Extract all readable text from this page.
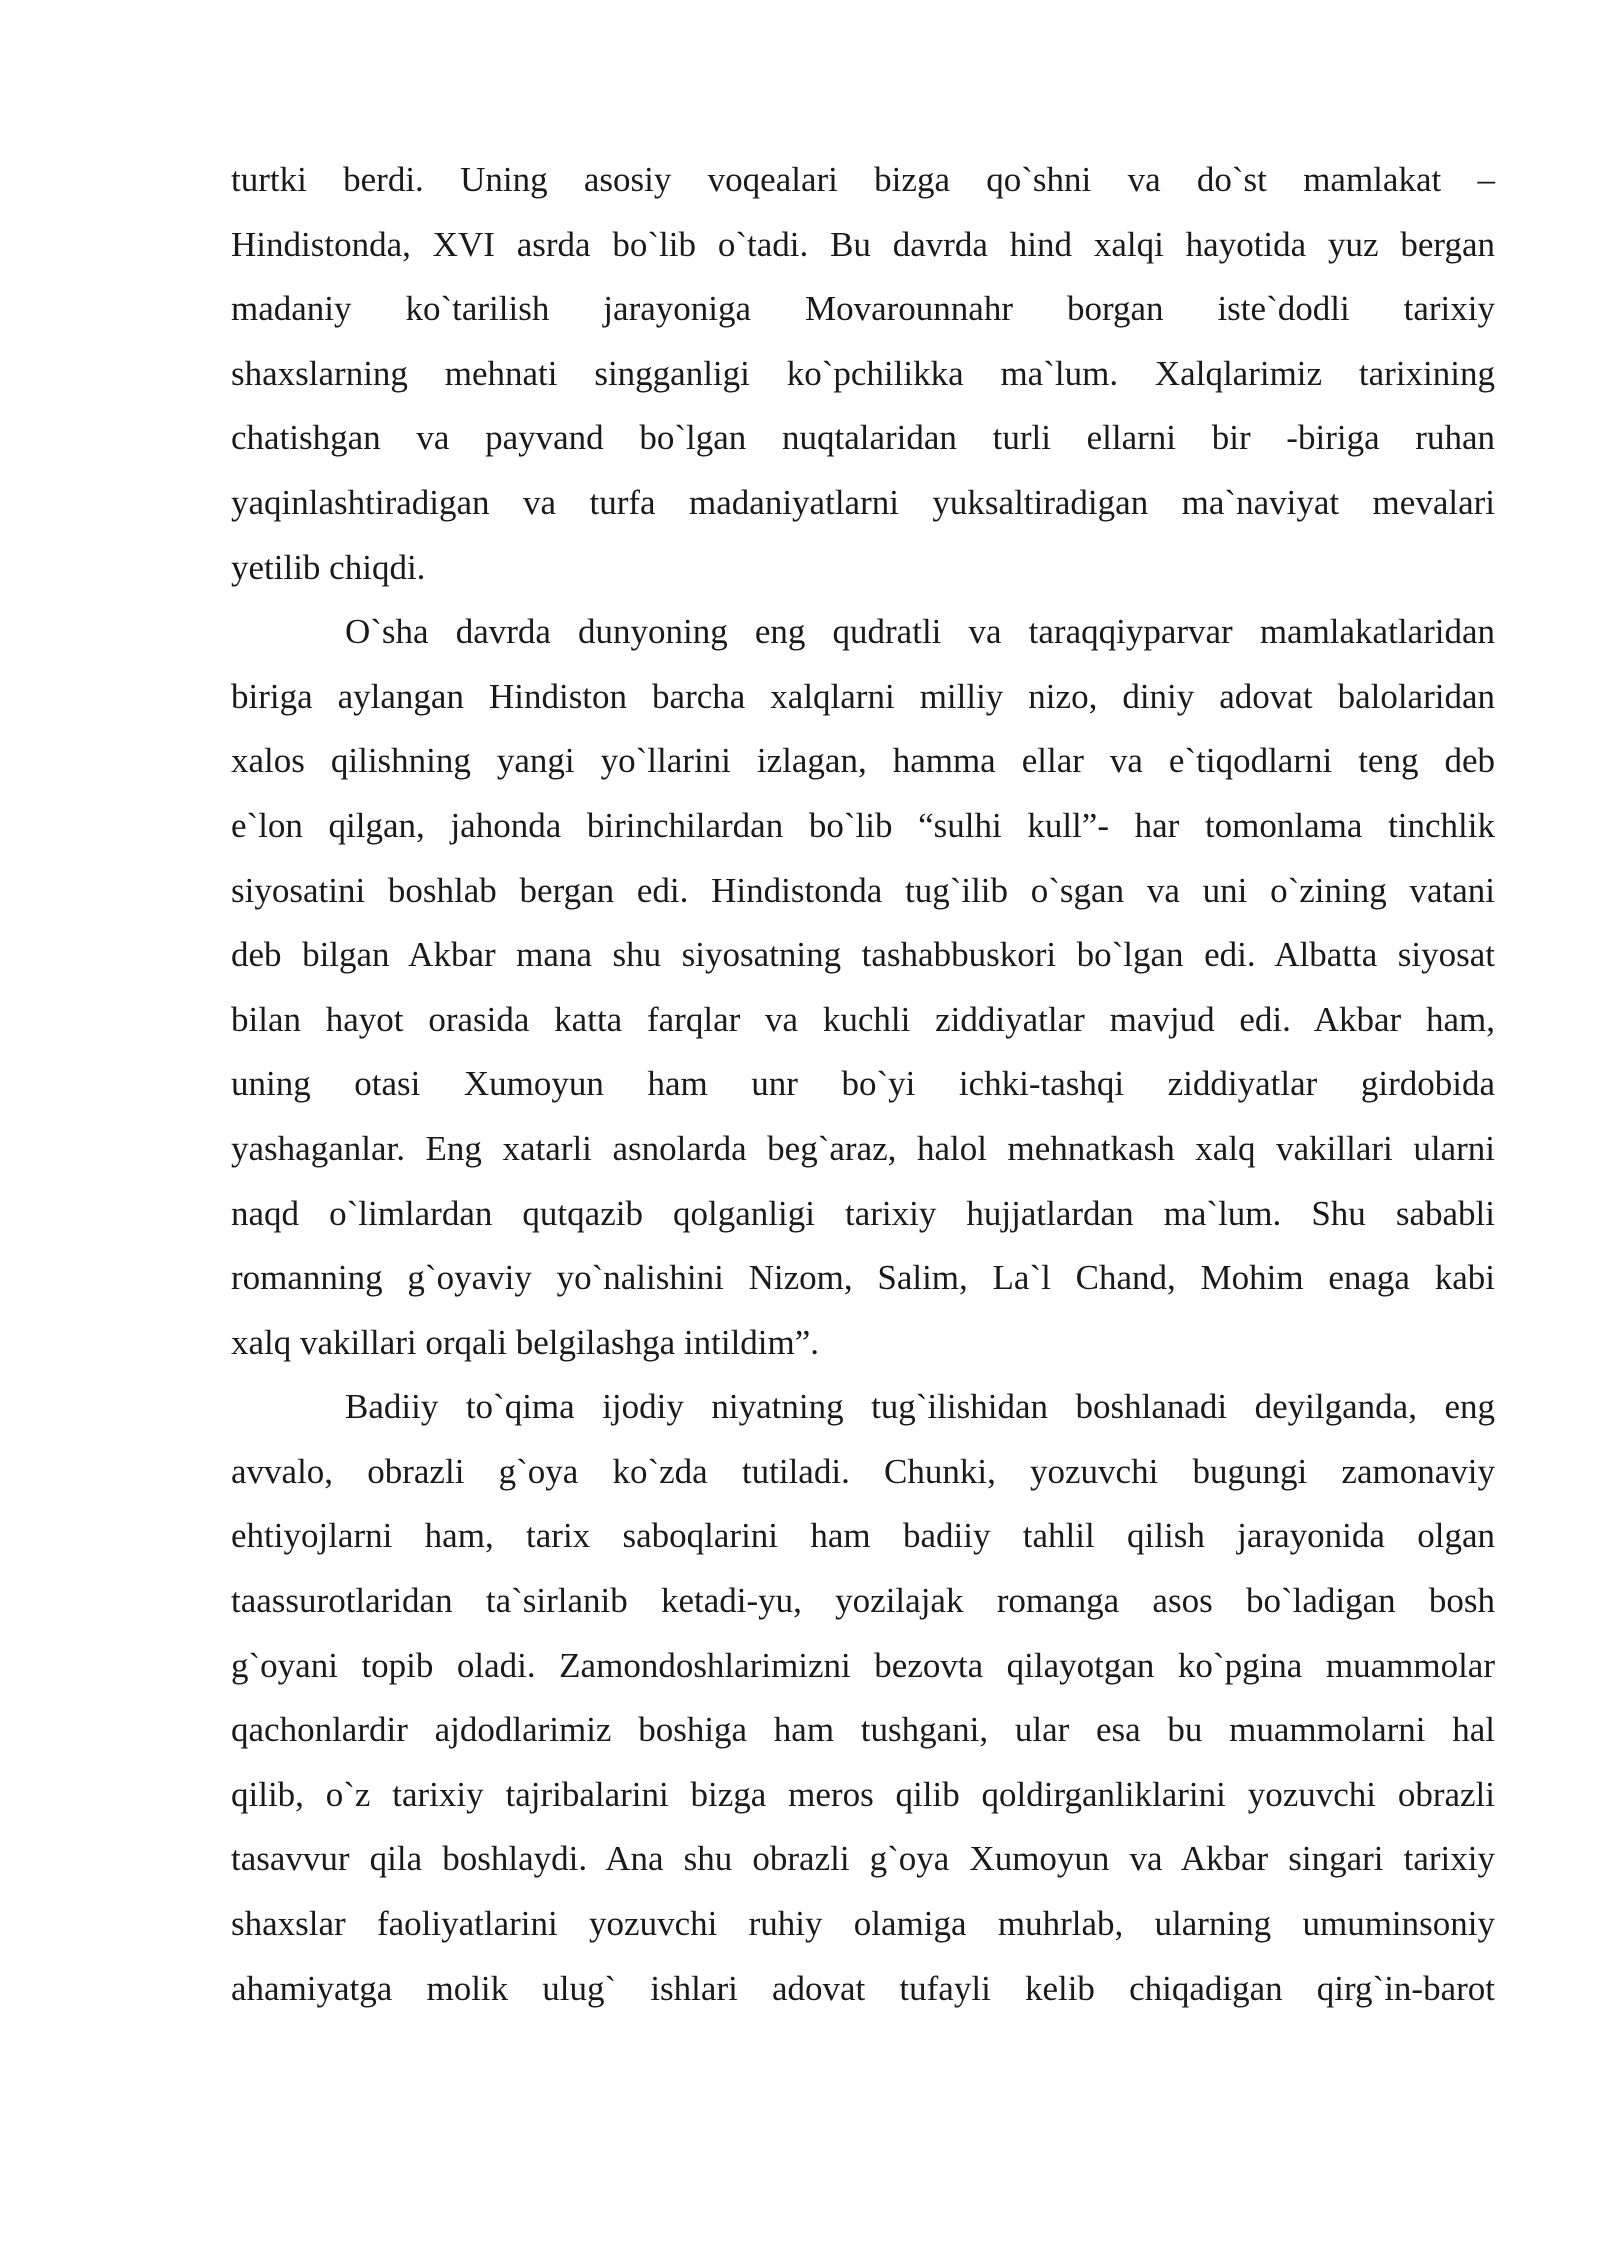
turtki berdi. Uning asosiy voqealari bizga qo`shni va do`st mamlakat –
Hindistonda, XVI asrda bo`lib o`tadi. Bu davrda hind xalqi hayotida yuz bergan
madaniy ko`tarilish jarayoniga Movarounnahr borgan iste`dodli tarixiy
shaxslarning mehnati singganligi ko`pchilikka ma`lum. Xalqlarimiz tarixining
chatishgan va payvand bo`lgan nuqtalaridan turli ellarni bir -biriga ruhan
yaqinlashtiradigan va turfa madaniyatlarni yuksaltiradigan ma`naviyat mevalari
yetilib chiqdi.

O`sha davrda dunyoning eng qudratli va taraqqiyparvar mamlakatlaridan
biriga aylangan Hindiston barcha xalqlarni milliy nizo, diniy adovat balolaridan
xalos qilishning yangi yo`llarini izlagan, hamma ellar va e`tiqodlarni teng deb
e`lon qilgan, jahonda birinchilardan bo`lib “sulhi kull”- har tomonlama tinchlik
siyosatini boshlab bergan edi. Hindistonda tug`ilib o`sgan va uni o`zining vatani
deb bilgan Akbar mana shu siyosatning tashabbuskori bo`lgan edi. Albatta siyosat
bilan hayot orasida katta farqlar va kuchli ziddiyatlar mavjud edi. Akbar ham,
uning otasi Xumoyun ham unr bo`yi ichki-tashqi ziddiyatlar girdobida
yashaganlar. Eng xatarli asnolarda beg`araz, halol mehnatkash xalq vakillari ularni
naqd o`limlardan qutqazib qolganligi tarixiy hujjatlardan ma`lum. Shu sababli
romanning g`oyaviy yo`nalishini Nizom, Salim, La`l Chand, Mohim enaga kabi
xalq vakillari orqali belgilashga intildim”.

Badiiy to`qima ijodiy niyatning tug`ilishidan boshlanadi deyilganda, eng
avvalo, obrazli g`oya ko`zda tutiladi. Chunki, yozuvchi bugungi zamonaviy
ehtiyojlarni ham, tarix saboqlarini ham badiiy tahlil qilish jarayonida olgan
taassurotlaridan ta`sirlanib ketadi-yu, yozilajak romanga asos bo`ladigan bosh
g`oyani topib oladi. Zamondoshlarimizni bezovta qilayotgan ko`pgina muammolar
qachonlardir ajdodlarimiz boshiga ham tushgani, ular esa bu muammolarni hal
qilib, o`z tarixiy tajribalarini bizga meros qilib qoldirganliklarini yozuvchi obrazli
tasavvur qila boshlaydi. Ana shu obrazli g`oya Xumoyun va Akbar singari tarixiy
shaxslar faoliyatlarini yozuvchi ruhiy olamiga muhrlab, ularning umuminsoniy
ahamiyatga molik ulug` ishlari adovat tufayli kelib chiqadigan qirg`in-barot
